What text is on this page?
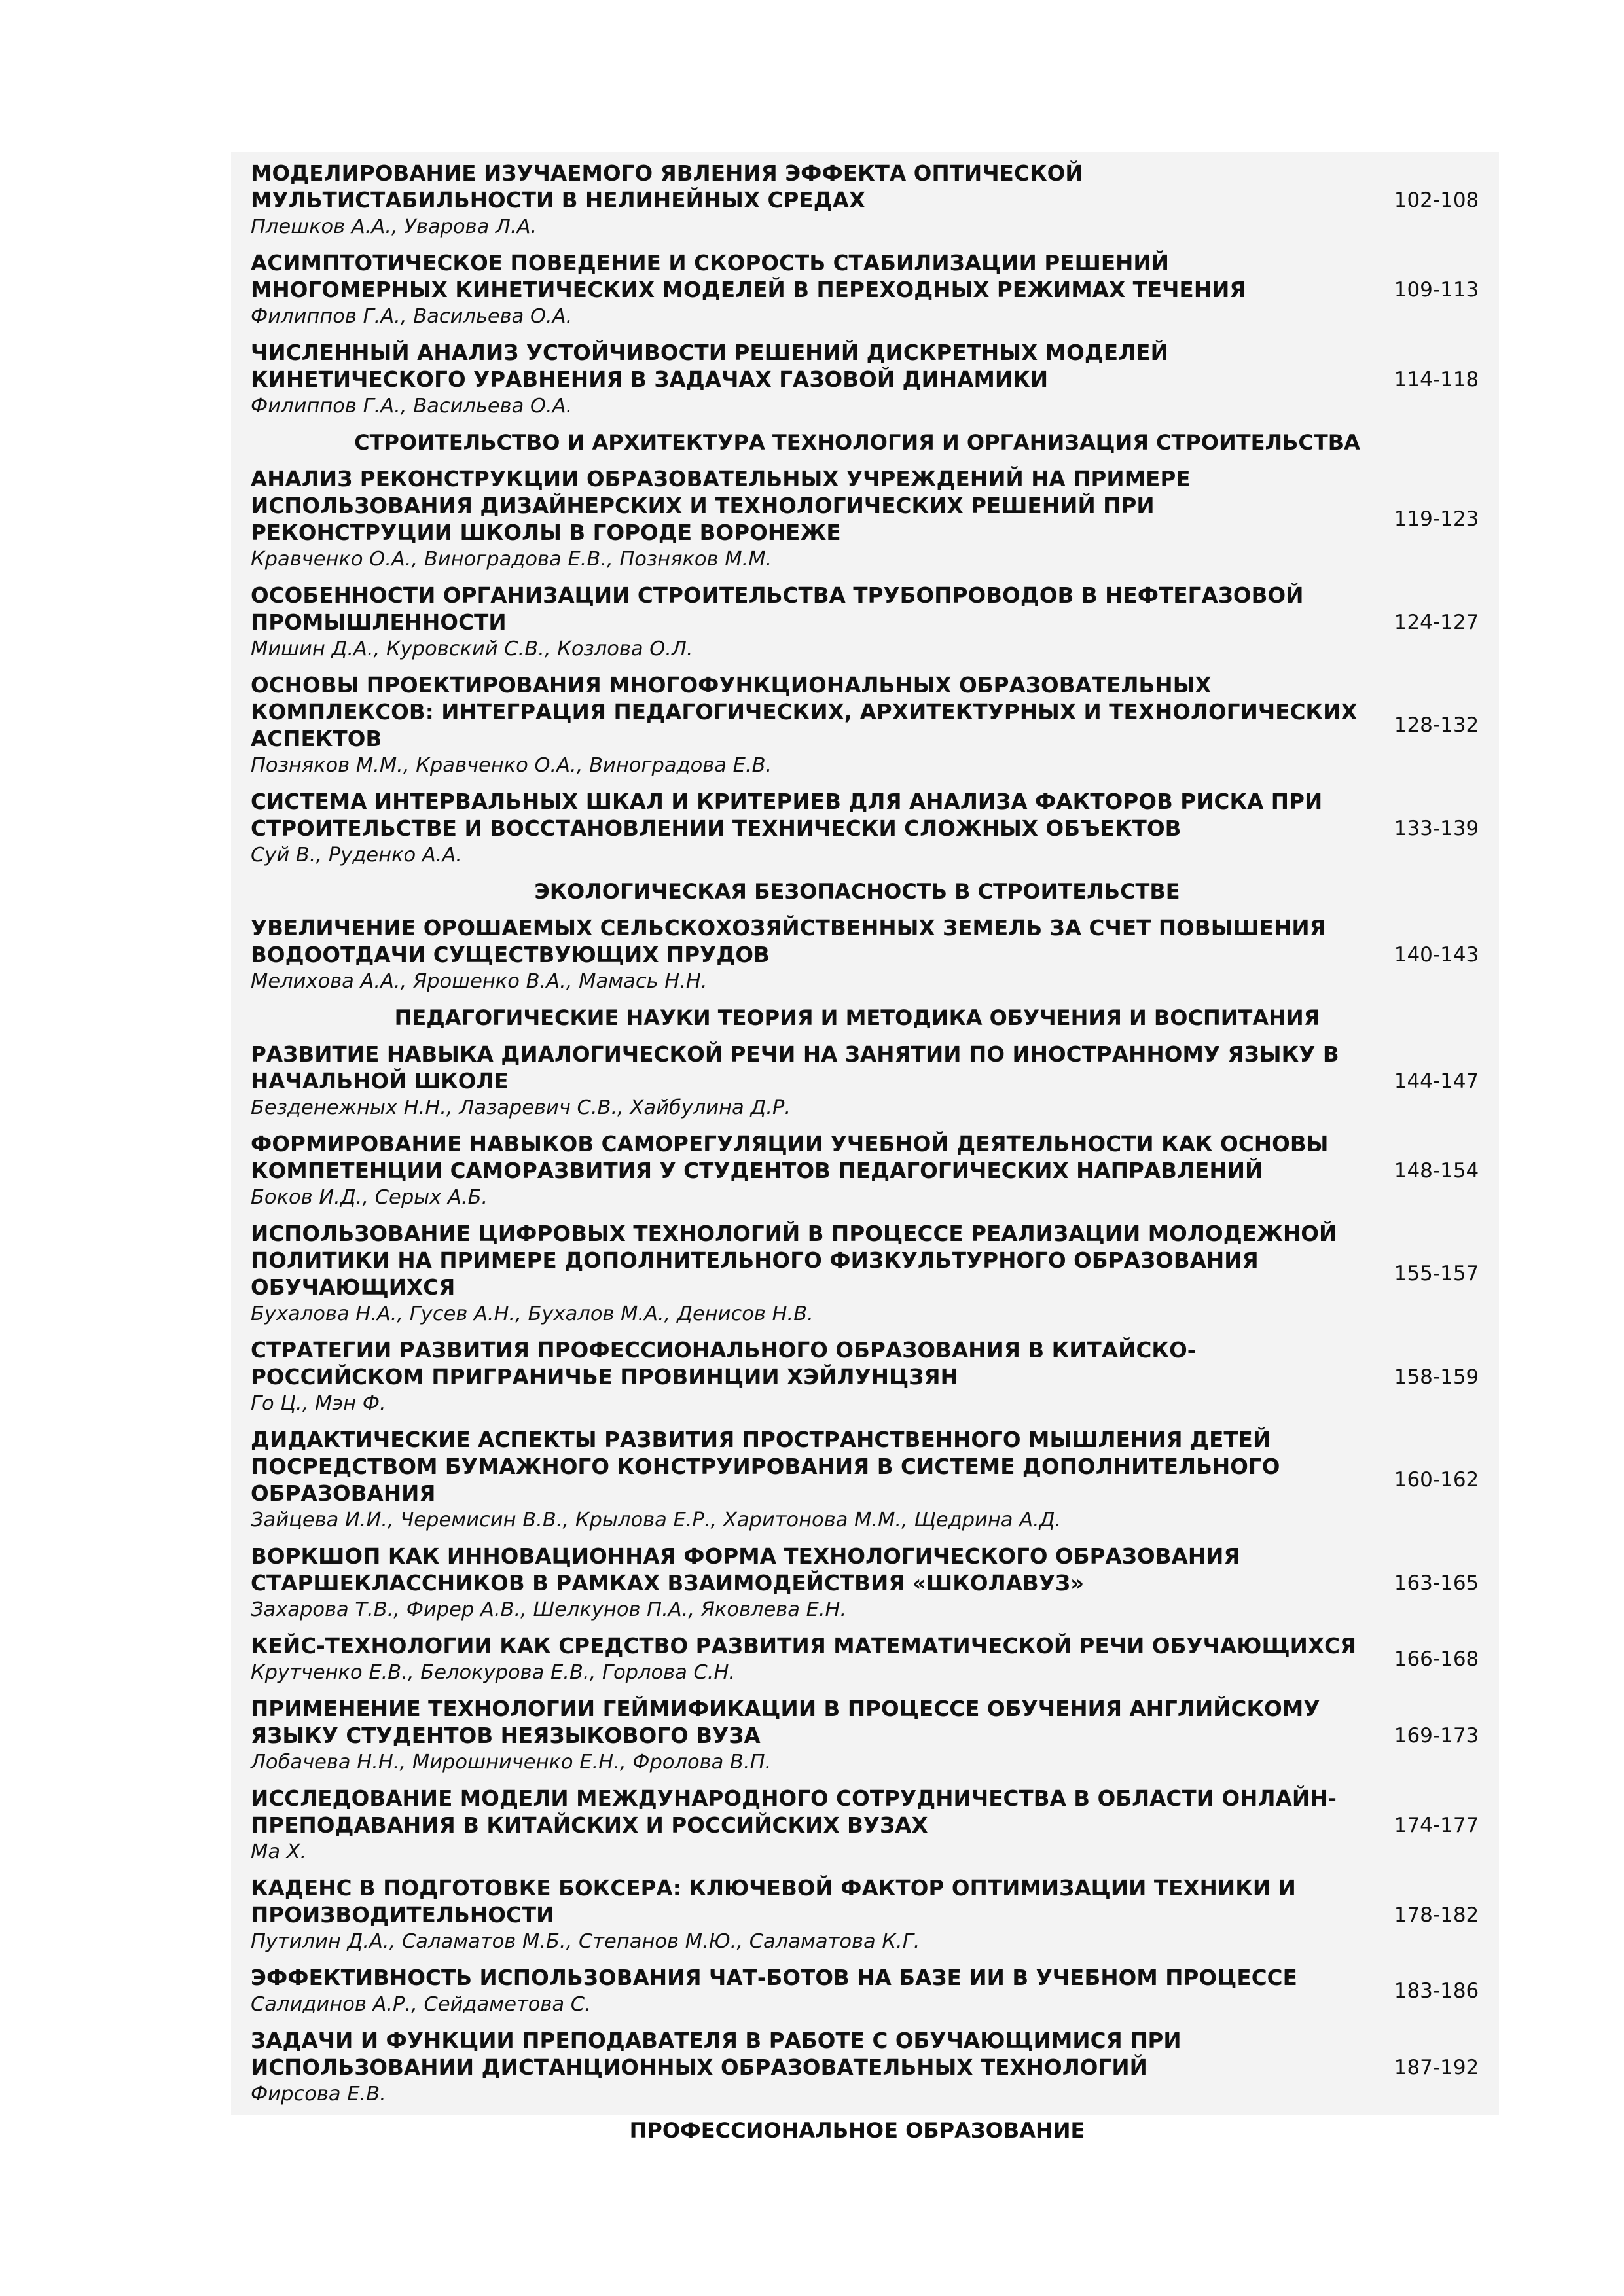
МОДЕЛИРОВАНИЕ ИЗУЧАЕМОГО ЯВЛЕНИЯ ЭФФЕКТА ОПТИЧЕСКОЙ МУЛЬТИСТАБИЛЬНОСТИ В НЕЛИНЕЙНЫХ СРЕДАХ
Плешков А.А., Уварова Л.А.
102-108
АСИМПТОТИЧЕСКОЕ ПОВЕДЕНИЕ И СКОРОСТЬ СТАБИЛИЗАЦИИ РЕШЕНИЙ МНОГОМЕРНЫХ КИНЕТИЧЕСКИХ МОДЕЛЕЙ В ПЕРЕХОДНЫХ РЕЖИМАХ ТЕЧЕНИЯ
Филиппов Г.А., Васильева О.А.
109-113
ЧИСЛЕННЫЙ АНАЛИЗ УСТОЙЧИВОСТИ РЕШЕНИЙ ДИСКРЕТНЫХ МОДЕЛЕЙ КИНЕТИЧЕСКОГО УРАВНЕНИЯ В ЗАДАЧАХ ГАЗОВОЙ ДИНАМИКИ
Филиппов Г.А., Васильева О.А.
114-118
СТРОИТЕЛЬСТВО И АРХИТЕКТУРА ТЕХНОЛОГИЯ И ОРГАНИЗАЦИЯ СТРОИТЕЛЬСТВА
АНАЛИЗ РЕКОНСТРУКЦИИ ОБРАЗОВАТЕЛЬНЫХ УЧРЕЖДЕНИЙ НА ПРИМЕРЕ ИСПОЛЬЗОВАНИЯ ДИЗАЙНЕРСКИХ И ТЕХНОЛОГИЧЕСКИХ РЕШЕНИЙ ПРИ РЕКОНСТРУЦИИ ШКОЛЫ В ГОРОДЕ ВОРОНЕЖЕ
Кравченко О.А., Виноградова Е.В., Позняков М.М.
119-123
ОСОБЕННОСТИ ОРГАНИЗАЦИИ СТРОИТЕЛЬСТВА ТРУБОПРОВОДОВ В НЕФТЕГАЗОВОЙ ПРОМЫШЛЕННОСТИ
Мишин Д.А., Куровский С.В., Козлова О.Л.
124-127
ОСНОВЫ ПРОЕКТИРОВАНИЯ МНОГОФУНКЦИОНАЛЬНЫХ ОБРАЗОВАТЕЛЬНЫХ КОМПЛЕКСОВ: ИНТЕГРАЦИЯ ПЕДАГОГИЧЕСКИХ, АРХИТЕКТУРНЫХ И ТЕХНОЛОГИЧЕСКИХ АСПЕКТОВ
Позняков М.М., Кравченко О.А., Виноградова Е.В.
128-132
СИСТЕМА ИНТЕРВАЛЬНЫХ ШКАЛ И КРИТЕРИЕВ ДЛЯ АНАЛИЗА ФАКТОРОВ РИСКА ПРИ СТРОИТЕЛЬСТВЕ И ВОССТАНОВЛЕНИИ ТЕХНИЧЕСКИ СЛОЖНЫХ ОБЪЕКТОВ
Суй В., Руденко А.А.
133-139
ЭКОЛОГИЧЕСКАЯ БЕЗОПАСНОСТЬ В СТРОИТЕЛЬСТВЕ
УВЕЛИЧЕНИЕ ОРОШАЕМЫХ СЕЛЬСКОХОЗЯЙСТВЕННЫХ ЗЕМЕЛЬ ЗА СЧЕТ ПОВЫШЕНИЯ ВОДООТДАЧИ СУЩЕСТВУЮЩИХ ПРУДОВ
Мелихова А.А., Ярошенко В.А., Мамась Н.Н.
140-143
ПЕДАГОГИЧЕСКИЕ НАУКИ ТЕОРИЯ И МЕТОДИКА ОБУЧЕНИЯ И ВОСПИТАНИЯ
РАЗВИТИЕ НАВЫКА ДИАЛОГИЧЕСКОЙ РЕЧИ НА ЗАНЯТИИ ПО ИНОСТРАННОМУ ЯЗЫКУ В НАЧАЛЬНОЙ ШКОЛЕ
Безденежных Н.Н., Лазаревич С.В., Хайбулина Д.Р.
144-147
ФОРМИРОВАНИЕ НАВЫКОВ САМОРЕГУЛЯЦИИ УЧЕБНОЙ ДЕЯТЕЛЬНОСТИ КАК ОСНОВЫ КОМПЕТЕНЦИИ САМОРАЗВИТИЯ У СТУДЕНТОВ ПЕДАГОГИЧЕСКИХ НАПРАВЛЕНИЙ
Боков И.Д., Серых А.Б.
148-154
ИСПОЛЬЗОВАНИЕ ЦИФРОВЫХ ТЕХНОЛОГИЙ В ПРОЦЕССЕ РЕАЛИЗАЦИИ МОЛОДЕЖНОЙ ПОЛИТИКИ НА ПРИМЕРЕ ДОПОЛНИТЕЛЬНОГО ФИЗКУЛЬТУРНОГО ОБРАЗОВАНИЯ ОБУЧАЮЩИХСЯ
Бухалова Н.А., Гусев А.Н., Бухалов М.А., Денисов Н.В.
155-157
СТРАТЕГИИ РАЗВИТИЯ ПРОФЕССИОНАЛЬНОГО ОБРАЗОВАНИЯ В КИТАЙСКО-РОССИЙСКОМ ПРИГРАНИЧЬЕ ПРОВИНЦИИ ХЭЙЛУНЦЗЯН
Го Ц., Мэн Ф.
158-159
ДИДАКТИЧЕСКИЕ АСПЕКТЫ РАЗВИТИЯ ПРОСТРАНСТВЕННОГО МЫШЛЕНИЯ ДЕТЕЙ ПОСРЕДСТВОМ БУМАЖНОГО КОНСТРУИРОВАНИЯ В СИСТЕМЕ ДОПОЛНИТЕЛЬНОГО ОБРАЗОВАНИЯ
Зайцева И.И., Черемисин В.В., Крылова Е.Р., Харитонова М.М., Щедрина А.Д.
160-162
ВОРКШОП КАК ИННОВАЦИОННАЯ ФОРМА ТЕХНОЛОГИЧЕСКОГО ОБРАЗОВАНИЯ СТАРШЕКЛАССНИКОВ В РАМКАХ ВЗАИМОДЕЙСТВИЯ «ШКОЛАВУЗ»
Захарова Т.В., Фирер А.В., Шелкунов П.А., Яковлева Е.Н.
163-165
КЕЙС-ТЕХНОЛОГИИ КАК СРЕДСТВО РАЗВИТИЯ МАТЕМАТИЧЕСКОЙ РЕЧИ ОБУЧАЮЩИХСЯ
Крутченко Е.В., Белокурова Е.В., Горлова С.Н.
166-168
ПРИМЕНЕНИЕ ТЕХНОЛОГИИ ГЕЙМИФИКАЦИИ В ПРОЦЕССЕ ОБУЧЕНИЯ АНГЛИЙСКОМУ ЯЗЫКУ СТУДЕНТОВ НЕЯЗЫКОВОГО ВУЗА
Лобачева Н.Н., Мирошниченко Е.Н., Фролова В.П.
169-173
ИССЛЕДОВАНИЕ МОДЕЛИ МЕЖДУНАРОДНОГО СОТРУДНИЧЕСТВА В ОБЛАСТИ ОНЛАЙН-ПРЕПОДАВАНИЯ В КИТАЙСКИХ И РОССИЙСКИХ ВУЗАХ
Ма Х.
174-177
КАДЕНС В ПОДГОТОВКЕ БОКСЕРА: КЛЮЧЕВОЙ ФАКТОР ОПТИМИЗАЦИИ ТЕХНИКИ И ПРОИЗВОДИТЕЛЬНОСТИ
Путилин Д.А., Саламатов М.Б., Степанов М.Ю., Саламатова К.Г.
178-182
ЭФФЕКТИВНОСТЬ ИСПОЛЬЗОВАНИЯ ЧАТ-БОТОВ НА БАЗЕ ИИ В УЧЕБНОМ ПРОЦЕССЕ
Салидинов А.Р., Сейдаметова С.
183-186
ЗАДАЧИ И ФУНКЦИИ ПРЕПОДАВАТЕЛЯ В РАБОТЕ С ОБУЧАЮЩИМИСЯ ПРИ ИСПОЛЬЗОВАНИИ ДИСТАНЦИОННЫХ ОБРАЗОВАТЕЛЬНЫХ ТЕХНОЛОГИЙ
Фирсова Е.В.
187-192
ПРОФЕССИОНАЛЬНОЕ ОБРАЗОВАНИЕ
